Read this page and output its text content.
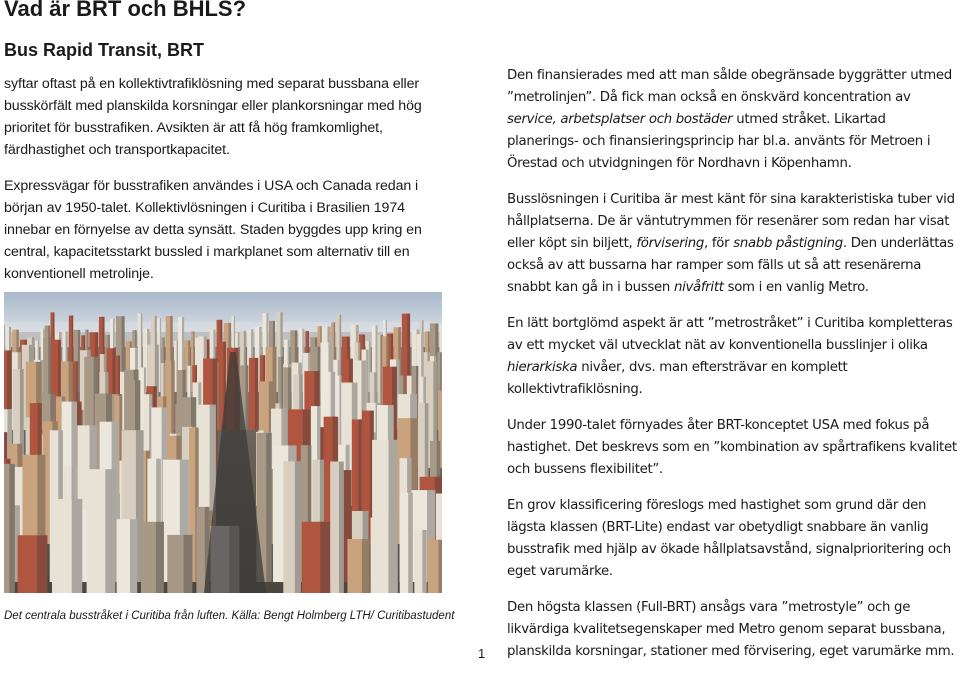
Vad är BRT och BHLS?
Bus Rapid Transit, BRT

syftar oftast på en kollektivtrafiklösning med separat bussbana eller busskörfält med planskilda korsningar eller plankorsningar med hög prioritet för busstrafiken. Avsikten är att få hög framkomlighet, färdhastighet och transportkapacitet.

Expressvägar för busstrafiken användes i USA och Canada redan i början av 1950-talet. Kollektivlösningen i Curitiba i Brasilien 1974 innebar en förnyelse av detta synsätt. Staden byggdes upp kring en central, kapacitetsstarkt bussled i markplanet som alternativ till en konventionell metrolinje.

Det centrala busstråket i Curitiba från luften. Källa: Bengt Holmberg LTH/ Curitibastudent

Den finansierades med att man sålde obegränsade byggrätter utmed ”metrolinjen”. Då fick man också en önskvärd koncentration av service, arbetsplatser och bostäder utmed stråket. Likartad planerings- och finansieringsprincip har bl.a. använts för Metroen i Örestad och utvidgningen för Nordhavn i Köpenhamn.

Busslösningen i Curitiba är mest känt för sina karakteristiska tuber vid hållplatserna. De är väntutrymmen för resenärer som redan har visat eller köpt sin biljett, förvisering, för snabb påstigning. Den underlättas också av att bussarna har ramper som fälls ut så att resenärerna snabbt kan gå in i bussen nivåfritt som i en vanlig Metro.

En lätt bortglömd aspekt är att ”metrostråket” i Curitiba kompletteras av ett mycket väl utvecklat nät av konventionella busslinjer i olika hierarkiska nivåer, dvs. man eftersträvar en komplett kollektivtrafiklösning.

Under 1990-talet förnyades åter BRT-konceptet USA med fokus på hastighet. Det beskrevs som en ”kombination av spårtrafikens kvalitet och bussens flexibilitet”.

En grov klassificering föreslogs med hastighet som grund där den lägsta klassen (BRT-Lite) endast var obetydligt snabbare än vanlig busstrafik med hjälp av ökade hållplatsavstånd, signalprioritering och eget varumärke.

Den högsta klassen (Full-BRT) ansågs vara ”metrostyle” och ge likvärdiga kvalitetsegenskaper med Metro genom separat bussbana, planskilda korsningar, stationer med förvisering, eget varumärke mm.

1
